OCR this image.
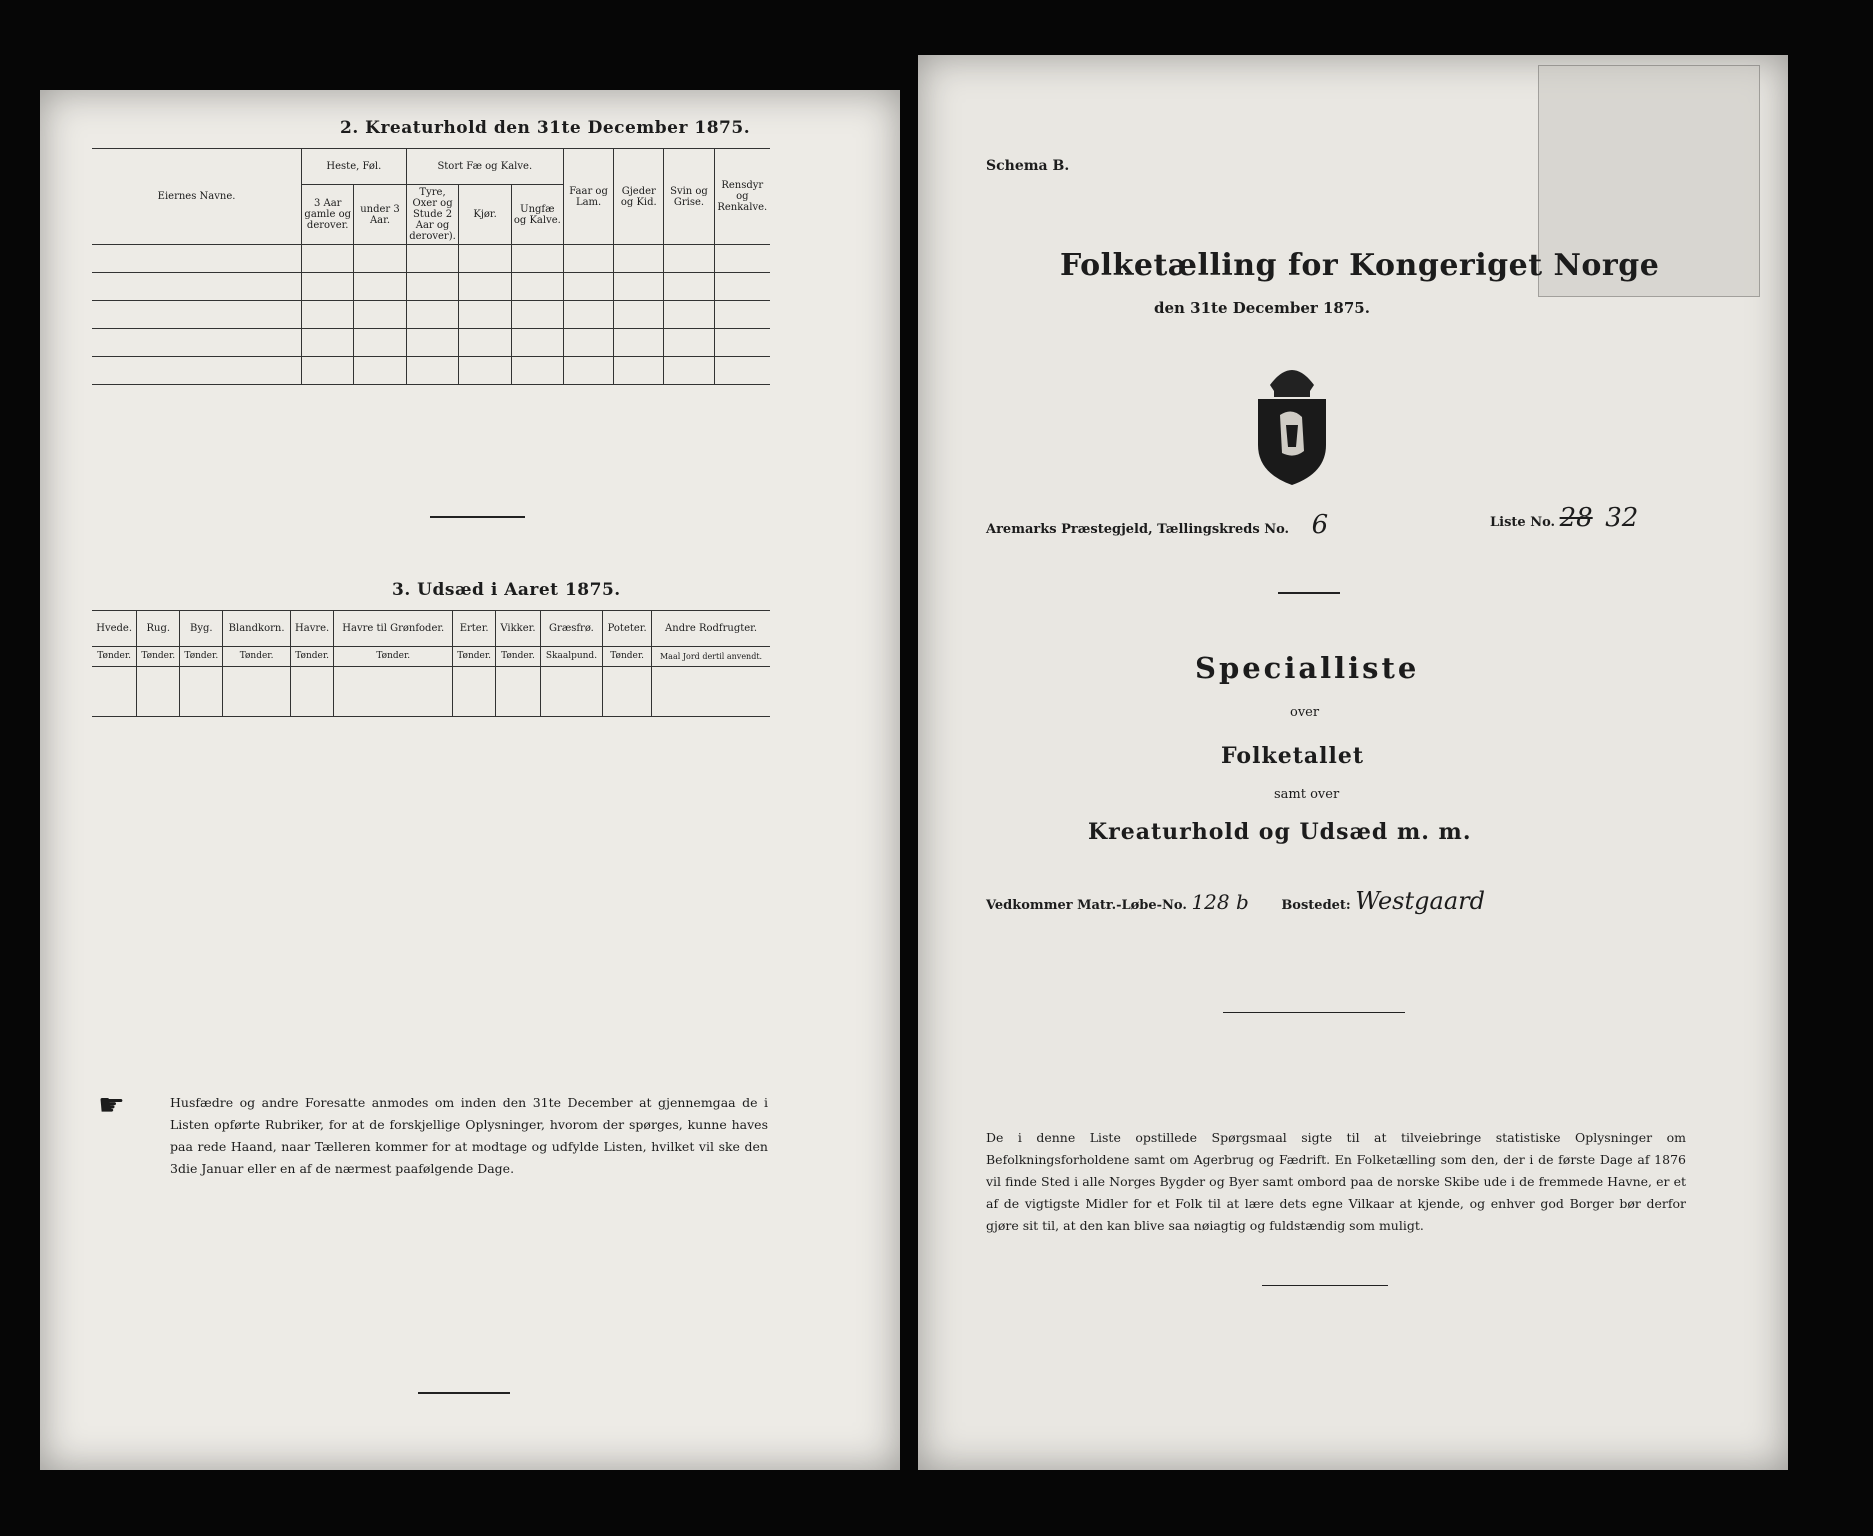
2. Kreaturhold den 31te December 1875.
Eiernes Navne.	Heste, Føl.		Stort Fæ og Kalve.			Faar og Lam.	Gjeder og Kid.	Svin og Grise.	Rensdyr og Renkalve.
	3 Aar gamle og derover.	under 3 Aar.	Tyre, Oxer og Stude 2 Aar og derover).	Kjør.	Ungfæ og Kalve.				

3. Udsæd i Aaret 1875.
Hvede.	Rug.	Byg.	Blandkorn.	Havre.	Havre til Grønfoder.	Erter.	Vikker.	Græsfrø.	Poteter.	Andre Rodfrugter.
Tønder.	Tønder.	Tønder.	Tønder.	Tønder.	Tønder.	Tønder.	Tønder.	Skaalpund.	Tønder.	Maal Jord dertil anvendt.

☛	Husfædre og andre Foresatte anmodes om inden den 31te December at gjennemgaa de i Listen opførte Rubriker, for at de forskjellige Oplysninger, hvorom der spørges, kunne haves paa rede Haand, naar Tælleren kommer for at modtage og udfylde Listen, hvilket vil ske den 3die Januar eller en af de nærmest paafølgende Dage.
Schema B.
Folketælling for Kongeriget Norge
den 31te December 1875.
Aremarks Præstegjeld, Tællingskreds No. 6	Liste No. 28 32
Specialliste
over
Folketallet
samt over
Kreaturhold og Udsæd m. m.
Vedkommer Matr.-Løbe-No. 128 b	Bostedet: Westgaard
De i denne Liste opstillede Spørgsmaal sigte til at tilveiebringe statistiske Oplysninger om Befolkningsforholdene samt om Agerbrug og Fædrift. En Folketælling som den, der i de første Dage af 1876 vil finde Sted i alle Norges Bygder og Byer samt ombord paa de norske Skibe ude i de fremmede Havne, er et af de vigtigste Midler for et Folk til at lære dets egne Vilkaar at kjende, og enhver god Borger bør derfor gjøre sit til, at den kan blive saa nøiagtig og fuldstændig som muligt.
